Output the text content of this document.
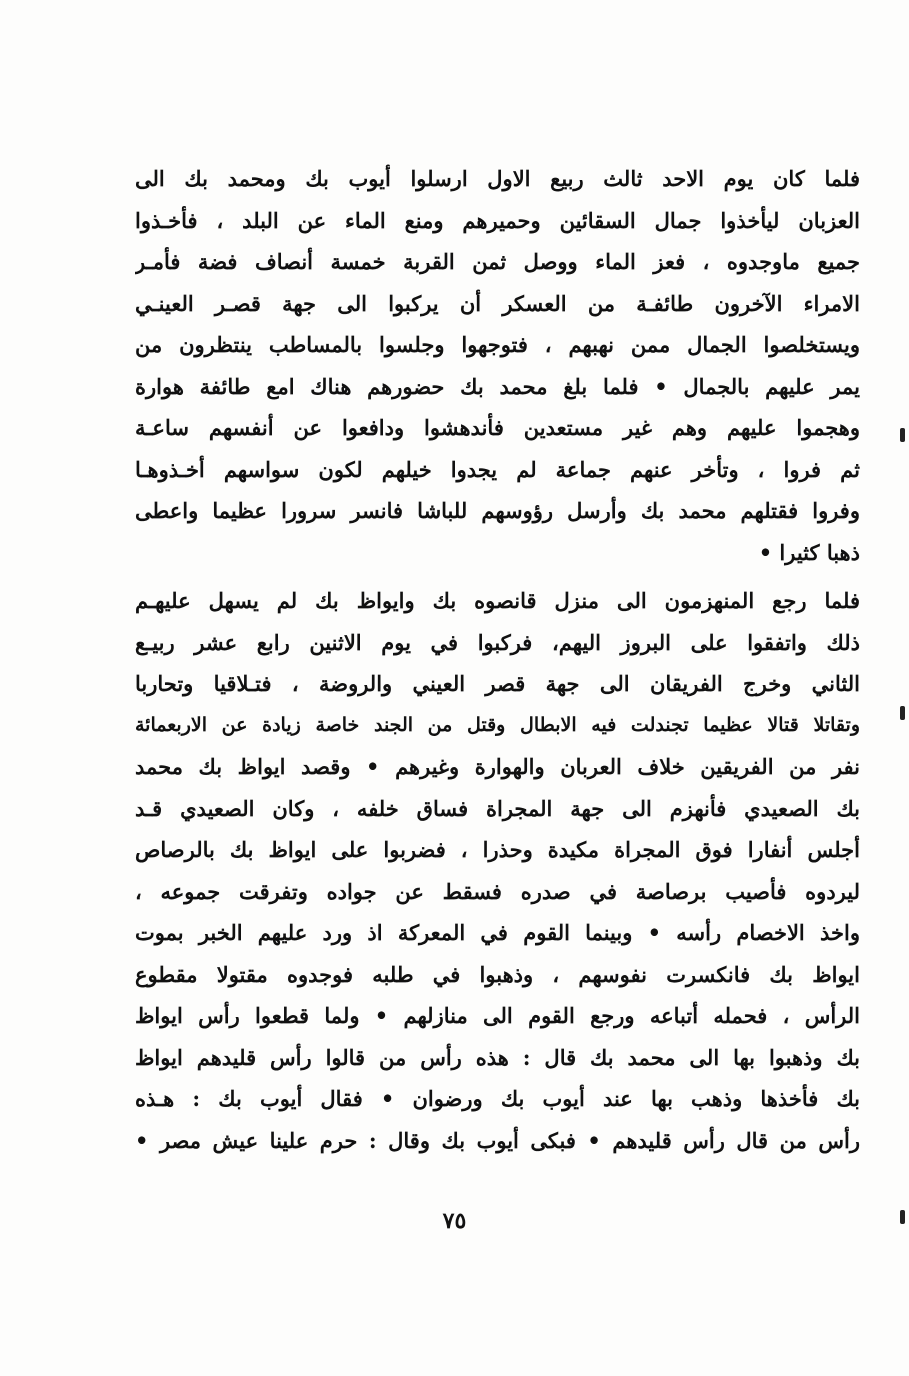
فلما كان يوم الاحد ثالث ربيع الاول ارسلوا أيوب بك ومحمد بك الى
العزبان ليأخذوا جمال السقائين وحميرهم ومنع الماء عن البلد ، فأخـذوا
جميع ماوجدوه ، فعز الماء ووصل ثمن القربة خمسة أنصاف فضة فأمـر
الامراء الآخرون طائفـة من العسكر أن يركبوا الى جهة قصـر العينـي
ويستخلصوا الجمال ممن نهبهم ، فتوجهوا وجلسوا بالمساطب ينتظرون من
يمر عليهم بالجمال • فلما بلغ محمد بك حضورهم هناك امع طائفة هوارة
وهجموا عليهم وهم غير مستعدين فأندهشوا ودافعوا عن أنفسهم ساعـة
ثم فروا ، وتأخر عنهم جماعة لم يجدوا خيلهم لكون سواسهم أخـذوهـا
وفروا فقتلهم محمد بك وأرسل رؤوسهم للباشا فانسر سرورا عظيما واعطى
ذهبا كثيرا •
فلما رجع المنهزمون الى منزل قانصوه بك وايواظ بك لم يسهل عليهـم
ذلك واتفقوا على البروز اليهم، فركبوا في يوم الاثنين رابع عشر ربيـع
الثاني وخرج الفريقان الى جهة قصر العيني والروضة ، فتـلاقيا وتحاربا
وتقاتلا قتالا عظيما تجندلت فيه الابطال وقتل من الجند خاصة زيادة عن الاربعمائة
نفر من الفريقين خلاف العربان والهوارة وغيرهم • وقصد ايواظ بك محمد
بك الصعيدي فأنهزم الى جهة المجراة فساق خلفه ، وكان الصعيدي قـد
أجلس أنفارا فوق المجراة مكيدة وحذرا ، فضربوا على ايواظ بك بالرصاص
ليردوه فأصيب برصاصة في صدره فسقط عن جواده وتفرقت جموعه ،
واخذ الاخصام رأسه • وبينما القوم في المعركة اذ ورد عليهم الخبر بموت
ايواظ بك فانكسرت نفوسهم ، وذهبوا في طلبه فوجدوه مقتولا مقطوع
الرأس ، فحمله أتباعه ورجع القوم الى منازلهم • ولما قطعوا رأس ايواظ
بك وذهبوا بها الى محمد بك قال : هذه رأس من قالوا رأس قليدهم ايواظ
بك فأخذها وذهب بها عند أيوب بك ورضوان • فقال أيوب بك : هـذه
رأس من قال رأس قليدهم • فبكى أيوب بك وقال : حرم علينا عيش مصر •
٧٥
